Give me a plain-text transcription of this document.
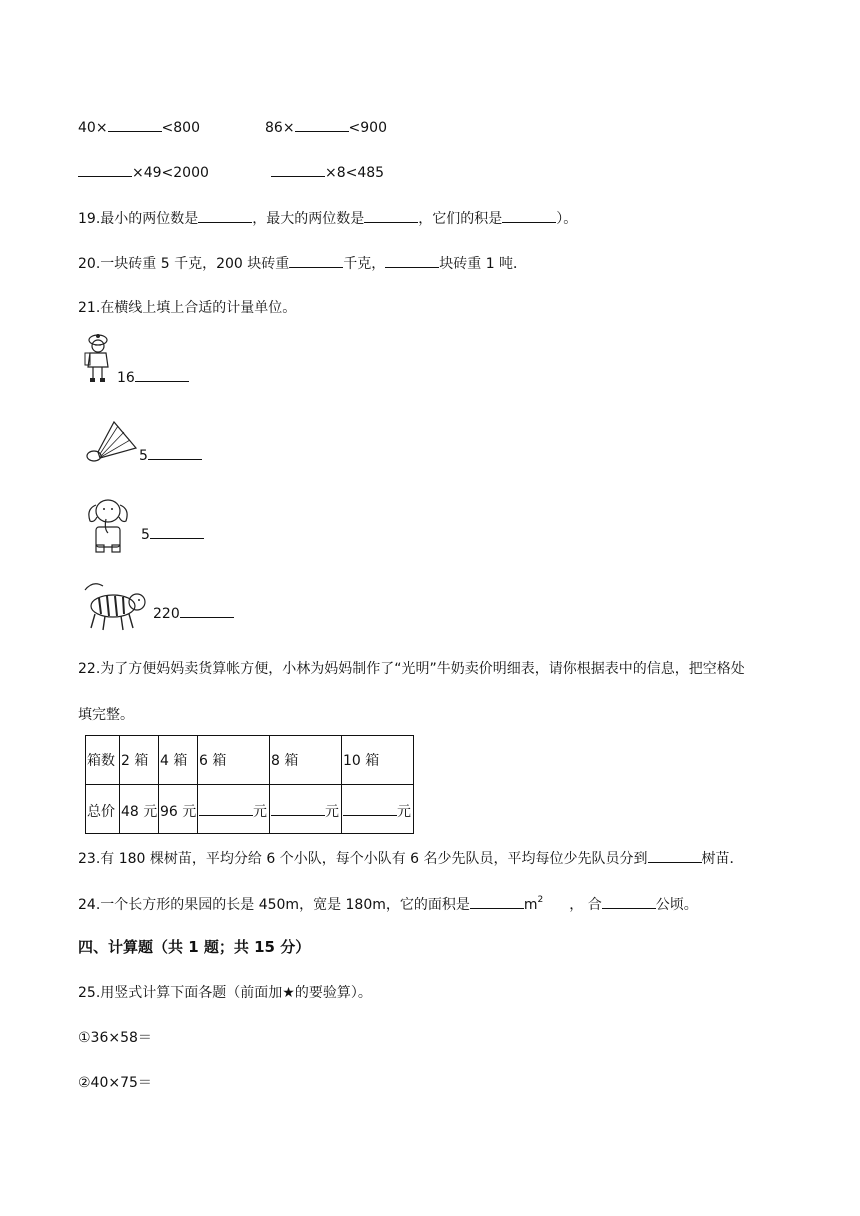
40×	<800	86×	<900
×49<2000	×8<485
19.最小的两位数是	，最大的两位数是	，它们的积是	）。
20.一块砖重 5 千克，200 块砖重	千克，	块砖重 1 吨．
21.在横线上填上合适的计量单位。
16
5
5
220
22.为了方便妈妈卖货算帐方便，小林为妈妈制作了“光明”牛奶卖价明细表，请你根据表中的信息，把空格处
填完整。
箱数	2 箱	4 箱	6 箱	8 箱	10 箱
总价	48 元	96 元	元	元	元
23.有 180 棵树苗，平均分给 6 个小队，每个小队有 6 名少先队员，平均每位少先队员分到	树苗．
24.一个长方形的果园的长是 450m，宽是 180m，它的面积是	$m^2$ ， 合	公顷。
四、计算题（共 1 题；共 15 分）
25.用竖式计算下面各题（前面加★的要验算）。
①36×58＝
②40×75＝
